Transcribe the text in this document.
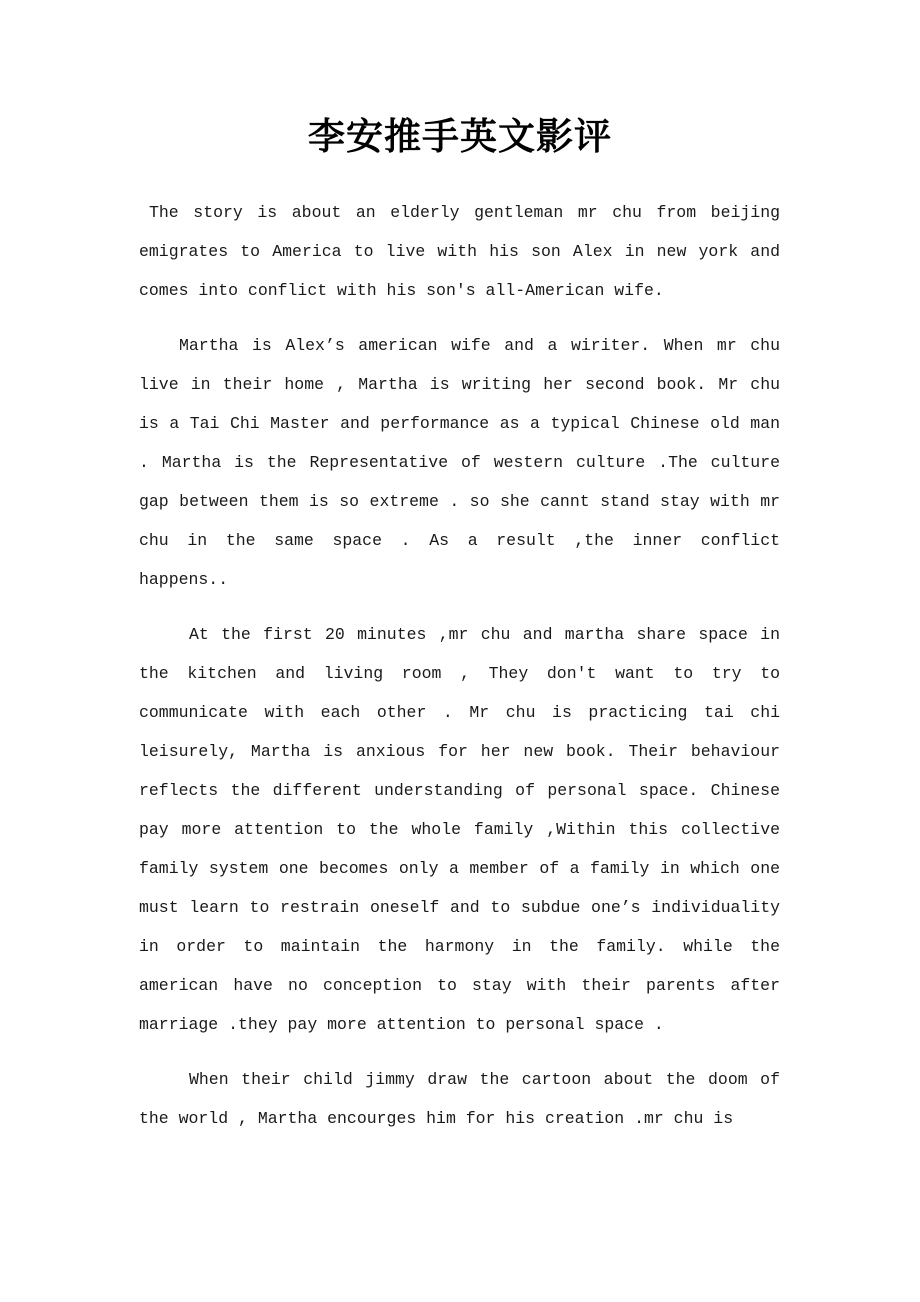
李安推手英文影评

The story is about an elderly gentleman mr chu from beijing emigrates to America to live with his son Alex in new york and comes into conflict with his son's all-American wife.

Martha is Alex’s american wife and a wiriter. When mr chu live in their home , Martha is writing her second book. Mr chu is a Tai Chi Master and performance as a typical Chinese old man . Martha is the Representative of western culture .The culture gap between them is so extreme . so she cannt stand stay with mr chu in the same space . As a result ,the inner conflict happens..

At the first 20 minutes ,mr chu and martha share space in the kitchen and living room , They don't want to try to communicate with each other . Mr chu is practicing tai chi leisurely, Martha is anxious for her new book. Their behaviour reflects the different understanding of personal space. Chinese pay more attention to the whole family ,Within this collective family system one becomes only a member of a family in which one must learn to restrain oneself and to subdue one’s individuality in order to maintain the harmony in the family. while the american have no conception to stay with their parents after marriage .they pay more attention to personal space .

When their child jimmy draw the cartoon about the doom of the world , Martha encourges him for his creation .mr chu is
